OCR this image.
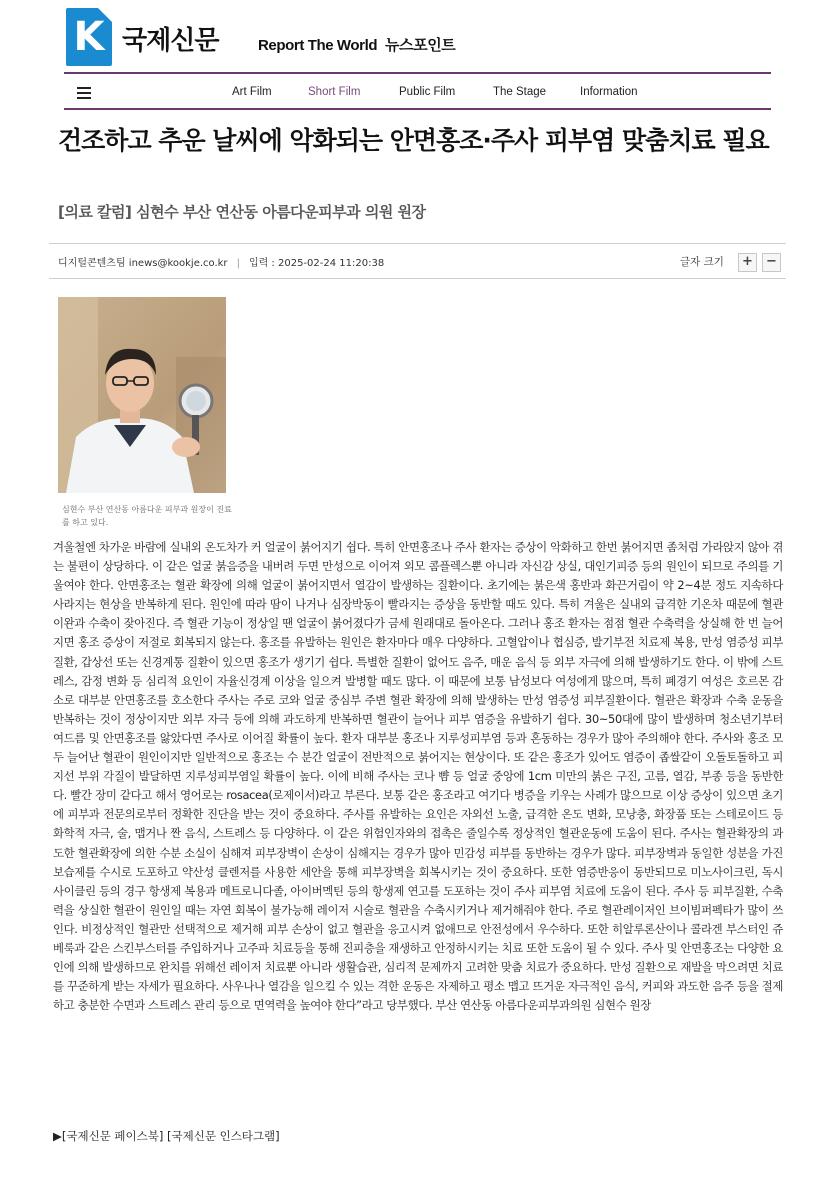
K 국제신문	Report The World 뉴스포인트
Art Film	Short Film	Public Film	The Stage	Information
건조하고 추운 날씨에 악화되는 안면홍조·주사 피부염 맞춤치료 필요
[의료 칼럼] 심현수 부산 연산동 아름다운피부과 의원 원장
디지털콘텐츠팀 inews@kookje.co.kr | 입력 : 2025-02-24 11:20:38	글자 크기	+	−
심현수 부산 연산동 아름다운 피부과 원장이 진료를 하고 있다.
겨울철엔 차가운 바람에 실내외 온도차가 커 얼굴이 붉어지기 쉽다. 특히 안면홍조나 주사 환자는 증상이 악화하고 한번 붉어지면 좀처럼 가라앉지 않아 겪는 불편이 상당하다. 이 같은 얼굴 붉음증을 내버려 두면 만성으로 이어져 외모 콤플렉스뿐 아니라 자신감 상실, 대인기피증 등의 원인이 되므로 주의를 기울여야 한다. 안면홍조는 혈관 확장에 의해 얼굴이 붉어지면서 열감이 발생하는 질환이다. 초기에는 붉은색 홍반과 화끈거림이 약 2~4분 정도 지속하다 사라지는 현상을 반복하게 된다. 원인에 따라 땀이 나거나 심장박동이 빨라지는 증상을 동반할 때도 있다. 특히 겨울은 실내외 급격한 기온차 때문에 혈관 이완과 수축이 잦아진다. 즉 혈관 기능이 정상일 땐 얼굴이 붉어졌다가 금세 원래대로 돌아온다. 그러나 홍조 환자는 점점 혈관 수축력을 상실해 한 번 늘어지면 홍조 증상이 저절로 회복되지 않는다. 홍조를 유발하는 원인은 환자마다 매우 다양하다. 고혈압이나 협심증, 발기부전 치료제 복용, 만성 염증성 피부질환, 갑상선 또는 신경계통 질환이 있으면 홍조가 생기기 쉽다. 특별한 질환이 없어도 음주, 매운 음식 등 외부 자극에 의해 발생하기도 한다. 이 밖에 스트레스, 감정 변화 등 심리적 요인이 자율신경계 이상을 일으켜 발병할 때도 많다. 이 때문에 보통 남성보다 여성에게 많으며, 특히 폐경기 여성은 호르몬 감소로 대부분 안면홍조를 호소한다 주사는 주로 코와 얼굴 중심부 주변 혈관 확장에 의해 발생하는 만성 염증성 피부질환이다. 혈관은 확장과 수축 운동을 반복하는 것이 정상이지만 외부 자극 등에 의해 과도하게 반복하면 혈관이 늘어나 피부 염증을 유발하기 쉽다. 30~50대에 많이 발생하며 청소년기부터 여드름 및 안면홍조를 앓았다면 주사로 이어질 확률이 높다. 환자 대부분 홍조나 지루성피부염 등과 혼동하는 경우가 많아 주의해야 한다. 주사와 홍조 모두 늘어난 혈관이 원인이지만 일반적으로 홍조는 수 분간 얼굴이 전반적으로 붉어지는 현상이다. 또 같은 홍조가 있어도 염증이 좁쌀같이 오돌토돌하고 피지선 부위 각질이 발달하면 지루성피부염일 확률이 높다. 이에 비해 주사는 코나 뺨 등 얼굴 중앙에 1cm 미만의 붉은 구진, 고름, 열감, 부종 등을 동반한다. 빨간 장미 같다고 해서 영어로는 rosacea(로제이서)라고 부른다. 보통 같은 홍조라고 여기다 병증을 키우는 사례가 많으므로 이상 증상이 있으면 초기에 피부과 전문의로부터 정확한 진단을 받는 것이 중요하다. 주사를 유발하는 요인은 자외선 노출, 급격한 온도 변화, 모낭충, 화장품 또는 스테로이드 등 화학적 자극, 술, 맵거나 짠 음식, 스트레스 등 다양하다. 이 같은 위험인자와의 접촉은 줄일수록 정상적인 혈관운동에 도움이 된다. 주사는 혈관확장의 과도한 혈관확장에 의한 수분 소실이 심해져 피부장벽이 손상이 심해지는 경우가 많아 민감성 피부를 동반하는 경우가 많다. 피부장벽과 동일한 성분을 가진 보습제를 수시로 도포하고 약산성 클렌저를 사용한 세안을 통해 피부장벽을 회복시키는 것이 중요하다. 또한 염증반응이 동반되므로 미노사이크린, 독시사이클린 등의 경구 항생제 복용과 메트로니다졸, 아이버멕틴 등의 항생제 연고를 도포하는 것이 주사 피부염 치료에 도움이 된다. 주사 등 피부질환, 수축력을 상실한 혈관이 원인일 때는 자연 회복이 불가능해 레이저 시술로 혈관을 수축시키거나 제거해줘야 한다. 주로 혈관레이저인 브이빔퍼펙타가 많이 쓰인다. 비정상적인 혈관만 선택적으로 제거해 피부 손상이 없고 혈관을 응고시켜 없애므로 안전성에서 우수하다. 또한 히알루론산이나 콜라겐 부스터인 쥬베룩과 같은 스킨부스터를 주입하거나 고주파 치료등을 통해 진피층을 재생하고 안정하시키는 치료 또한 도움이 될 수 있다. 주사 및 안면홍조는 다양한 요인에 의해 발생하므로 완치를 위해선 레이저 치료뿐 아니라 생활습관, 심리적 문제까지 고려한 맞춤 치료가 중요하다. 만성 질환으로 재발을 막으려면 치료를 꾸준하게 받는 자세가 필요하다. 사우나나 열감을 일으킬 수 있는 격한 운동은 자제하고 평소 맵고 뜨거운 자극적인 음식, 커피와 과도한 음주 등을 절제하고 충분한 수면과 스트레스 관리 등으로 면역력을 높여야 한다”라고 당부했다. 부산 연산동 아름다운피부과의원 심현수 원장
▶[국제신문 페이스북] [국제신문 인스타그램]
